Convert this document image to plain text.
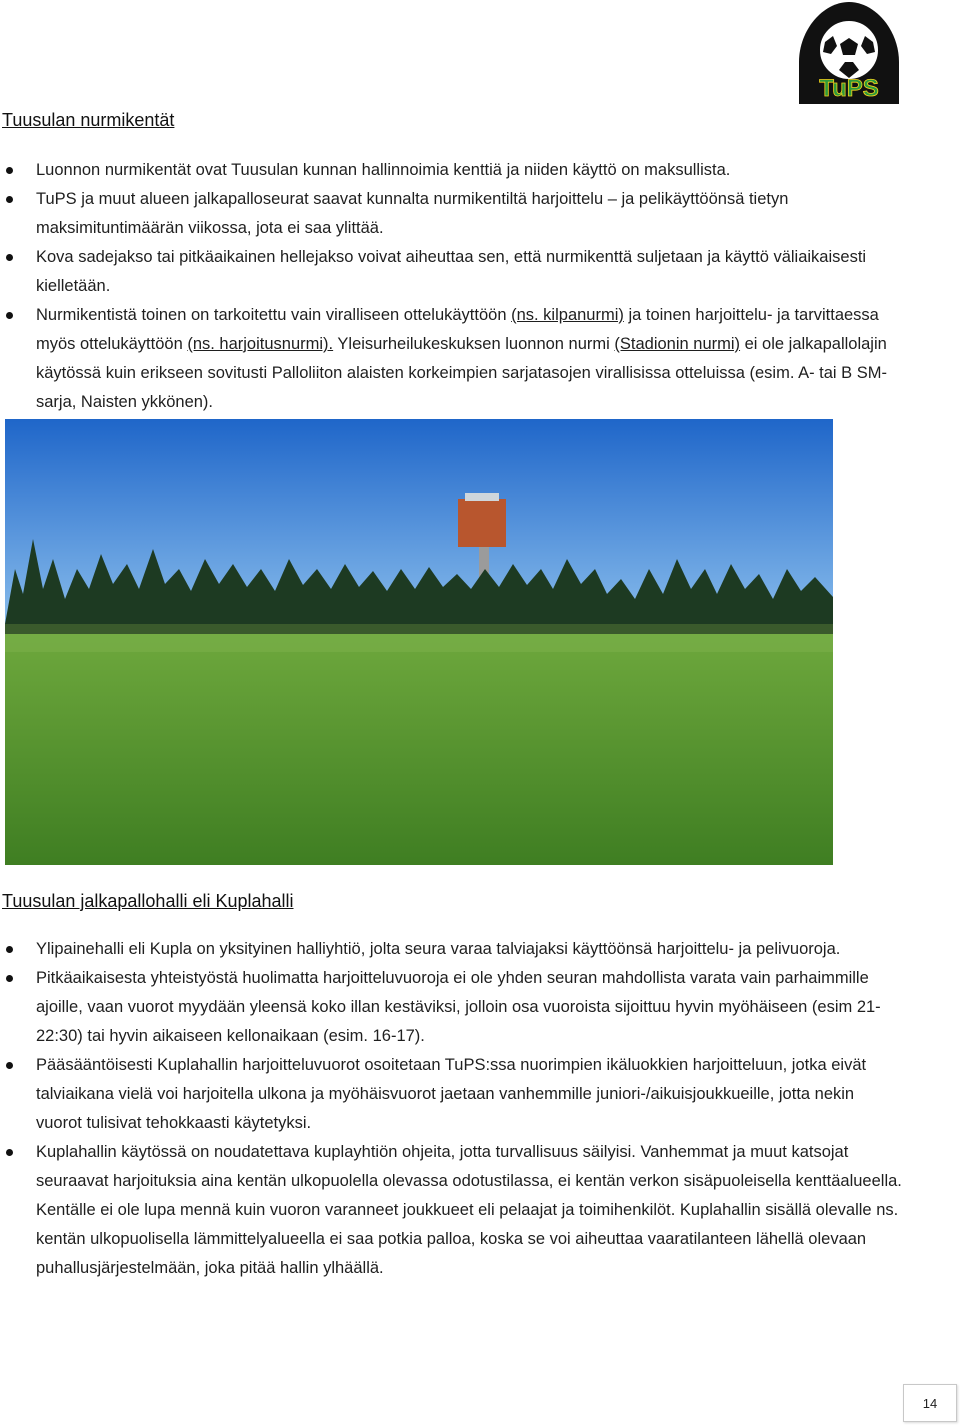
TuPS
Tuusulan nurmikentät
Luonnon nurmikentät ovat Tuusulan kunnan hallinnoimia kenttiä ja niiden käyttö on maksullista.
TuPS ja muut alueen jalkapalloseurat saavat kunnalta nurmikentiltä harjoittelu – ja pelikäyttöönsä tietyn maksimituntimäärän viikossa, jota ei saa ylittää.
Kova sadejakso tai pitkäaikainen hellejakso voivat aiheuttaa sen, että nurmikenttä suljetaan ja käyttö väliaikaisesti kielletään.
Nurmikentistä toinen on tarkoitettu vain viralliseen ottelukäyttöön (ns. kilpanurmi) ja toinen harjoittelu- ja tarvittaessa myös ottelukäyttöön (ns. harjoitusnurmi). Yleisurheilukeskuksen luonnon nurmi (Stadionin nurmi) ei ole jalkapallolajin käytössä kuin erikseen sovitusti Palloliiton alaisten korkeimpien sarjatasojen virallisissa otteluissa (esim. A- tai B SM-sarja, Naisten ykkönen).
Tuusulan jalkapallohalli eli Kuplahalli
Ylipainehalli eli Kupla on yksityinen halliyhtiö, jolta seura varaa talviajaksi käyttöönsä harjoittelu- ja pelivuoroja.
Pitkäaikaisesta yhteistyöstä huolimatta harjoitteluvuoroja ei ole yhden seuran mahdollista varata vain parhaimmille ajoille, vaan vuorot myydään yleensä koko illan kestäviksi, jolloin osa vuoroista sijoittuu hyvin myöhäiseen (esim 21-22:30) tai hyvin aikaiseen kellonaikaan (esim. 16-17).
Pääsääntöisesti Kuplahallin harjoitteluvuorot osoitetaan TuPS:ssa nuorimpien ikäluokkien harjoitteluun, jotka eivät talviaikana vielä voi harjoitella ulkona ja myöhäisvuorot jaetaan vanhemmille juniori-/aikuisjoukkueille, jotta nekin vuorot tulisivat tehokkaasti käytetyksi.
Kuplahallin käytössä on noudatettava kuplayhtiön ohjeita, jotta turvallisuus säilyisi. Vanhemmat ja muut katsojat seuraavat harjoituksia aina kentän ulkopuolella olevassa odotustilassa, ei kentän verkon sisäpuoleisella kenttäalueella. Kentälle ei ole lupa mennä kuin vuoron varanneet joukkueet eli pelaajat ja toimihenkilöt. Kuplahallin sisällä olevalle ns. kentän ulkopuolisella lämmittelyalueella ei saa potkia palloa, koska se voi aiheuttaa vaaratilanteen lähellä olevaan puhallusjärjestelmään, joka pitää hallin ylhäällä.
14
